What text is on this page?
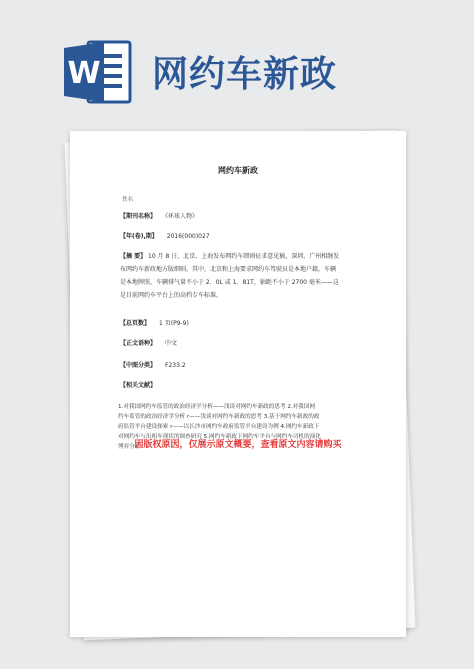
W 网约车新政
网约车新政
佚名
【期刊名称】 《环球人物》
【年(卷),期】 2016(000)027
【摘 要】 10 月 8 日，北京、上海发布网约车细则征求意见稿，深圳、广州相继发
布网约车新政地方版细则。其中，北京和上海要求网约车驾驶员是本地户籍，车辆
是本地牌照，车辆排气量不小于 2．0L 或 1．81T，轴距不小于 2700 毫米——这
是目前网约车平台上的高档专车标准。
【总页数】 1 页(P9-9)
【正文语种】 中文
【中图分类】 F233.2
【相关文献】
1.对我国网约车监管的政治经济学分析——浅谈对网约车新政的思考 2.对我国网
约车监管的政治经济学分析 r——浅谈对网约车新政的思考 3.基于网约车新政的政
府监管平台建设探索 r——以长沙市网约车政府监管平台建设为例 4.网约车新政下
对网约车与出租车现状的调查研究 5.网约车新政下网约车平台与网约车司机的演化
博弈分析
因版权原因，仅展示原文概要，查看原文内容请购买
